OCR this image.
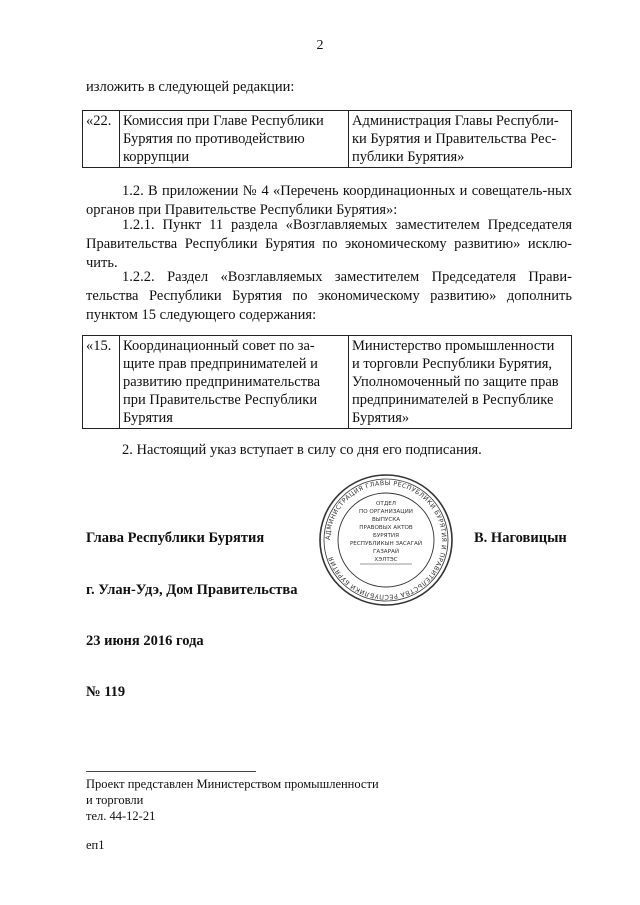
2
изложить в следующей редакции:
«22.	Комиссия при Главе Республики
Бурятия по противодействию
коррупции

Администрация Главы Республи-
ки Бурятия и Правительства Рес-
публики Бурятия»
1.2. В приложении № 4 «Перечень координационных и совещатель-ных органов при Правительстве Республики Бурятия»:
1.2.1. Пункт 11 раздела «Возглавляемых заместителем Председателя Правительства Республики Бурятия по экономическому развитию» исклю-чить.
1.2.2. Раздел «Возглавляемых заместителем Председателя Прави-тельства Республики Бурятия по экономическому развитию» дополнить пунктом 15 следующего содержания:
«15.	Координационный совет по за-
щите прав предпринимателей и
развитию предпринимательства
при Правительстве Республики
Бурятия

Министерство промышленности
и торговли Республики Бурятия,
Уполномоченный по защите прав
предпринимателей в Республике
Бурятия»
2. Настоящий указ вступает в силу со дня его подписания.
АДМИНИСТРАЦИЯ ГЛАВЫ РЕСПУБЛИКИ БУРЯТИЯ И ПРАВИТЕЛЬСТВА РЕСПУБЛИКИ БУРЯТИЯ
ОТДЕЛ
ПО ОРГАНИЗАЦИИ
ВЫПУСКА
ПРАВОВЫХ АКТОВ
БУРЯТИЯ
РЕСПУБЛИКЫН ЗАСАГАЙ
ГАЗАРАЙ
ХЭЛТЭС
Глава Республики Бурятия	В. Наговицын
г. Улан-Удэ, Дом Правительства
23 июня 2016 года
№ 119
Проект представлен Министерством промышленности
и торговли
тел. 44-12-21
еп1
